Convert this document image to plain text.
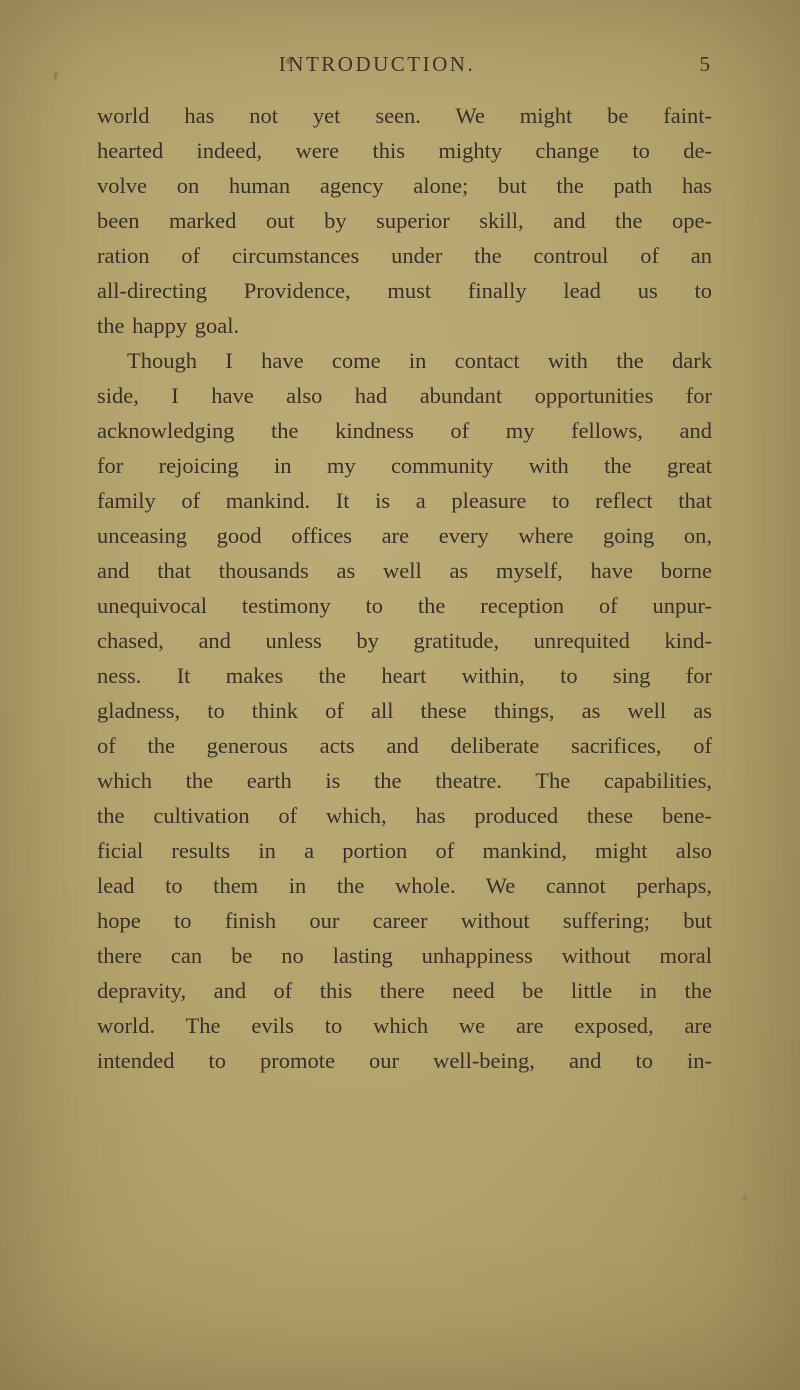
INTRODUCTION.	5
world has not yet seen. We might be faint-
hearted indeed, were this mighty change to de-
volve on human agency alone; but the path has
been marked out by superior skill, and the ope-
ration of circumstances under the controul of an
all-directing Providence, must finally lead us to
the happy goal.
Though I have come in contact with the dark
side, I have also had abundant opportunities for
acknowledging the kindness of my fellows, and
for rejoicing in my community with the great
family of mankind. It is a pleasure to reflect that
unceasing good offices are every where going on,
and that thousands as well as myself, have borne
unequivocal testimony to the reception of unpur-
chased, and unless by gratitude, unrequited kind-
ness. It makes the heart within, to sing for
gladness, to think of all these things, as well as
of the generous acts and deliberate sacrifices, of
which the earth is the theatre. The capabilities,
the cultivation of which, has produced these bene-
ficial results in a portion of mankind, might also
lead to them in the whole. We cannot perhaps,
hope to finish our career without suffering; but
there can be no lasting unhappiness without moral
depravity, and of this there need be little in the
world. The evils to which we are exposed, are
intended to promote our well-being, and to in-
